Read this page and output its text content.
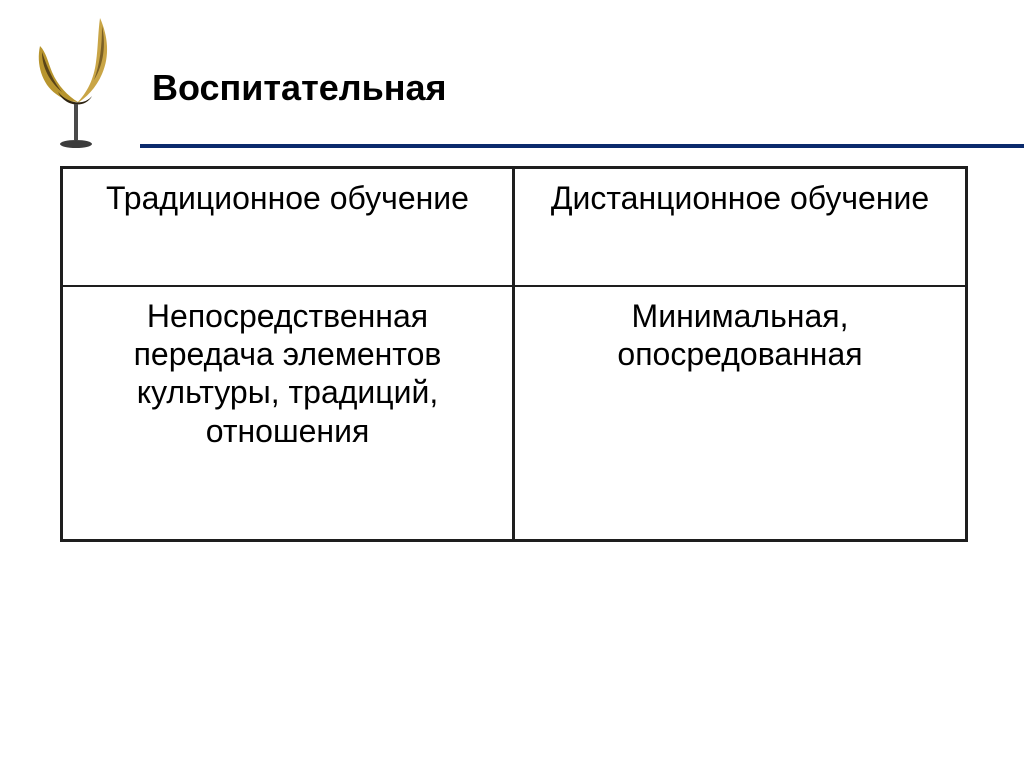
Воспитательная
Традиционное обучение	Дистанционное обучение

Непосредственная передача элементов культуры, традиций, отношения	Минимальная, опосредованная
